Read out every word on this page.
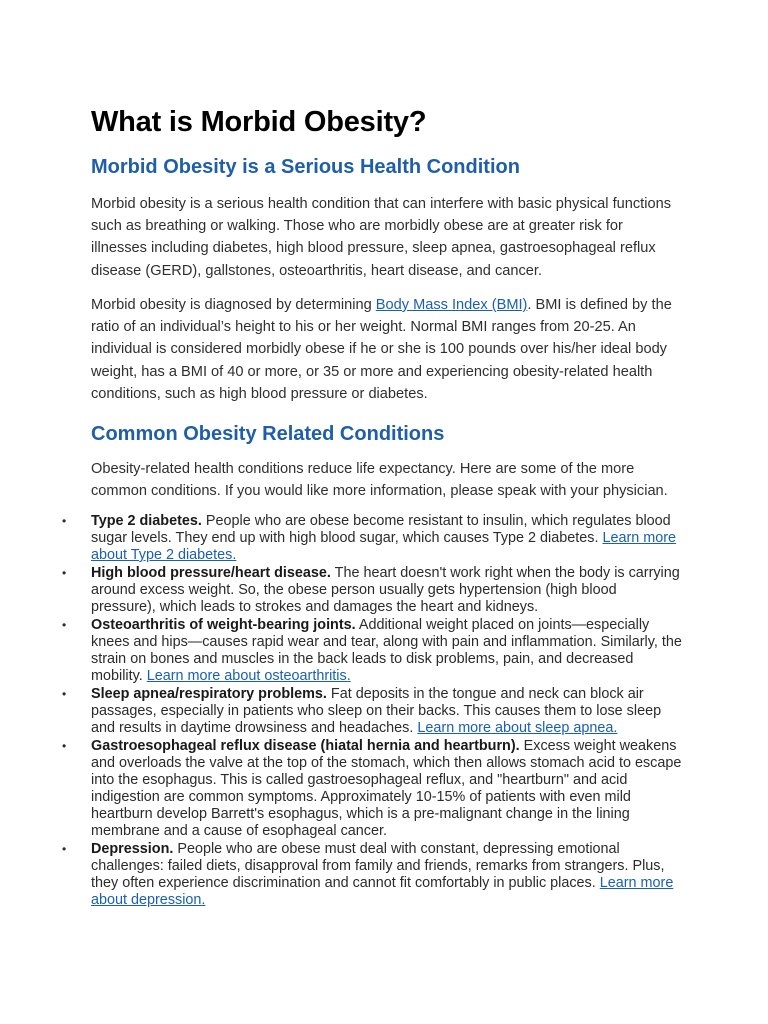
What is Morbid Obesity?
Morbid Obesity is a Serious Health Condition

Morbid obesity is a serious health condition that can interfere with basic physical functions such as breathing or walking. Those who are morbidly obese are at greater risk for illnesses including diabetes, high blood pressure, sleep apnea, gastroesophageal reflux disease (GERD), gallstones, osteoarthritis, heart disease, and cancer.

Morbid obesity is diagnosed by determining Body Mass Index (BMI). BMI is defined by the ratio of an individual’s height to his or her weight. Normal BMI ranges from 20-25. An individual is considered morbidly obese if he or she is 100 pounds over his/her ideal body weight, has a BMI of 40 or more, or 35 or more and experiencing obesity-related health conditions, such as high blood pressure or diabetes.

Common Obesity Related Conditions

Obesity-related health conditions reduce life expectancy. Here are some of the more common conditions. If you would like more information, please speak with your physician.

•	Type 2 diabetes. People who are obese become resistant to insulin, which regulates blood sugar levels. They end up with high blood sugar, which causes Type 2 diabetes. Learn more about Type 2 diabetes.
•	High blood pressure/heart disease. The heart doesn't work right when the body is carrying around excess weight. So, the obese person usually gets hypertension (high blood pressure), which leads to strokes and damages the heart and kidneys.
•	Osteoarthritis of weight-bearing joints. Additional weight placed on joints—especially knees and hips—causes rapid wear and tear, along with pain and inflammation. Similarly, the strain on bones and muscles in the back leads to disk problems, pain, and decreased mobility. Learn more about osteoarthritis.
•	Sleep apnea/respiratory problems. Fat deposits in the tongue and neck can block air passages, especially in patients who sleep on their backs. This causes them to lose sleep and results in daytime drowsiness and headaches. Learn more about sleep apnea.
•	Gastroesophageal reflux disease (hiatal hernia and heartburn). Excess weight weakens and overloads the valve at the top of the stomach, which then allows stomach acid to escape into the esophagus. This is called gastroesophageal reflux, and "heartburn" and acid indigestion are common symptoms. Approximately 10-15% of patients with even mild heartburn develop Barrett's esophagus, which is a pre-malignant change in the lining membrane and a cause of esophageal cancer.
•	Depression. People who are obese must deal with constant, depressing emotional challenges: failed diets, disapproval from family and friends, remarks from strangers. Plus, they often experience discrimination and cannot fit comfortably in public places. Learn more about depression.
